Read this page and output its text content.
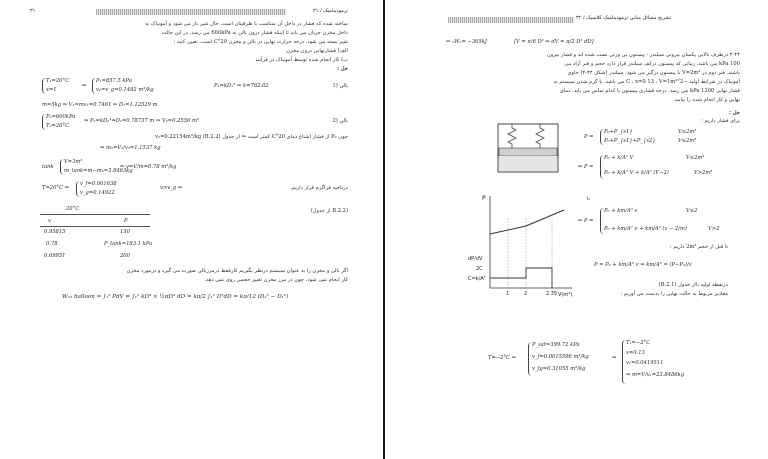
ترمودینامیک / ۳۱
۳۱
ساخته شده که فشار در داخل آن متناسب با ظرفیتان است. حال شیر باز می شود و آمونیاک به
داخل مخزن جریان می یابد تا اینکه فشار درون بالن به 600kPa می رسد. در این حالت
شیر بسته می شود. درجه حرارت نهایی در بالن و مخزن 20°C است. تعیین کنید :
الف) فشارنهایی درون مخزن
ب) کار انجام شده توسط آمونیاک در فرآیند
حل :
T₁=20°C
x=1
⇒
P₁=857.5 kPa
v₁=v_g=0.1492 m³/kg
P₁=kD₁³ ⇒ k=762.02	بالن (1
m=5kg ⇒ V₁=mv₁=0.7461 ⇒ D₁=1.12529 m
P₂=600kPa
T₂=20°C
⇒ P₂=kD₂³⇒D₂=0.78737 m ⇒ V₂=0.2556 m³	بالن (2
چون P₂ از فشار اشباع دمای 20°C کمتر است ⇒ از جدول (B.2.2) v₂=0.22154m³/kg
⇒ m₂=V₂/v₂=1.1537 kg
tank
V=3m³
m_tank=m−m₂=3.8463kg
⇒ v=V/m=0.78 m³/kg
T=20°C ⇒
v_f=0.001638
v_g=0.14922
v>v_g ⇒	درناحیه فراگرم قرار داریم.
20°C	(B.2.2 از جدول)
v	P
0.95815	150
0.78	P_tank=183.1 kPa
0.69951	200
اگر بالن و مخزن را به عنوان سیستم درنظر بگیریم کارفقط درمرزبالن صورت می گیرد و درمورد مخزن
کار انجام نمی شود. چون در مرز مخزن تغییر حجمی روی نمی دهد.
W₁₂ balloon = ∫₁² PdV = ∫₁² kD³ × ½πD² dD = kπ/2 ∫₁² D⁵dD = kπ/12 (D₂⁶ − D₁⁶)
۳۲ / تشریح مسائل مبانی ترمودینامیک کلاسیک
⇒ ₁W₂= −365kJ	[V = π/6 D³ ⇒ dV = π/2 D² dD]
۴-۴۴ درطرف بالایی پکسان بیرونی سیلندر - پیستون بی وزنی نصب شده اند و فشار بیرون
100 kPa می باشد. زمانی که پیستون درکف سیلندر قرار دارد حجم و فنر آزاد می
باشند. فنر دوم در V=2m³ با پیستون درگیر می شود. سیلندر (شکل ۴۴-۴) حاوی
آمونیاک در شرایط اولیه −2°C ، x=0.13 ، V=1m³ می باشد. یا گرم شدن سیستم به
فشار نهایی 1200 kPa می رسد. درجه فشاری پیستون با کدام تماس می یابد. دمای
نهایی و کار انجام شده را بیابید.
حل :
برای فشار داریم :
P
V(m³)
dP/dV
2C
C=k/A²
1	2	2.35
P =
P₀+P_{s1}
P₀+P_{s1}+P_{s2}
V≤2m³
V≥2m³
⇒ P =
P₀ + k/A² V
P₀ + k/A² V + k/A² (V−2)
V≤2m³
V>2m³
با
⇒ P =
P₀ + km/A² v
P₀ + km/A² v + km/A² (v − 2/m)
V≤2
V>2
تا قبل از حجم 2m³ داریم :
P = P₀ + km/A² v ⇒ km/A² = (P−P₀)/v
درنقطه اولیه بااز جدول (B.2.1)
مقادیر مربوط به حالت نهایی را بدست می آوریم :
T=−2°C ⇒
P_sat=399.72 kPa
v_f=0.0015596 m³/kg
v_fg=0.31055 m³/kg
⇒
T₁=−2°C
x=0.13
v₁=0.0419511
⇒ m=V/v₁=23.8486kg
